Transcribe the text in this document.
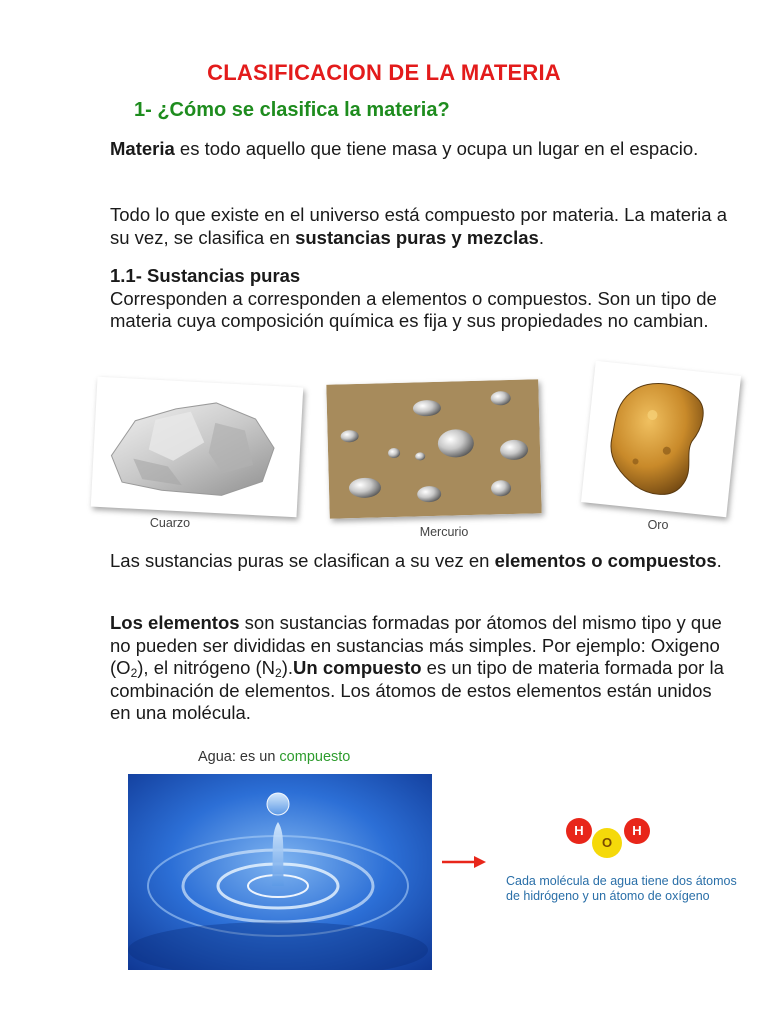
CLASIFICACION DE LA MATERIA
1- ¿Cómo se clasifica la materia?
Materia es todo aquello que tiene masa y ocupa un lugar en el espacio.
Todo lo que existe en el universo está compuesto por materia. La materia a su vez, se clasifica en sustancias puras y mezclas.
1.1- Sustancias puras
Corresponden a corresponden a elementos o compuestos. Son un tipo de materia cuya composición química es fija y sus propiedades no cambian.
Cuarzo
Mercurio	Oro
Las sustancias puras se clasifican a su vez en elementos o compuestos.
Los elementos son sustancias formadas por átomos del mismo tipo y que no pueden ser divididas en sustancias más simples. Por ejemplo: Oxigeno $(O_2)$, el nitrógeno $(N_2).Un$ compuesto es un tipo de materia formada por la combinación de elementos. Los átomos de estos elementos están unidos en una molécula.
Agua: es un compuesto
H
O
H
Cada molécula de agua tiene dos átomos de hidrógeno y un átomo de oxígeno
